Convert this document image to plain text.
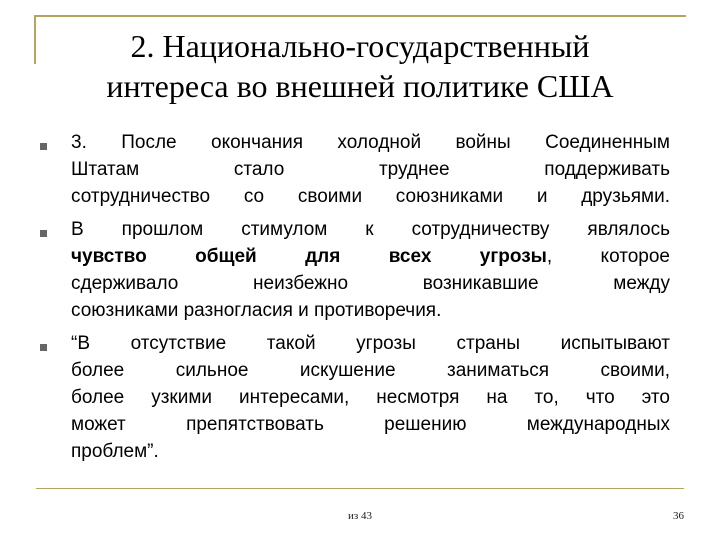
2. Национально-государственный
интереса во внешней политике США
3. После окончания холодной войны Соединенным
Штатам стало труднее поддерживать
сотрудничество со своими союзниками и друзьями.
В прошлом стимулом к сотрудничеству являлось
чувство общей для всех угрозы, которое
сдерживало неизбежно возникавшие между
союзниками разногласия и противоречия.
“В отсутствие такой угрозы страны испытывают
более сильное искушение заниматься своими,
более узкими интересами, несмотря на то, что это
может препятствовать решению международных
проблем”.
из 43	36
